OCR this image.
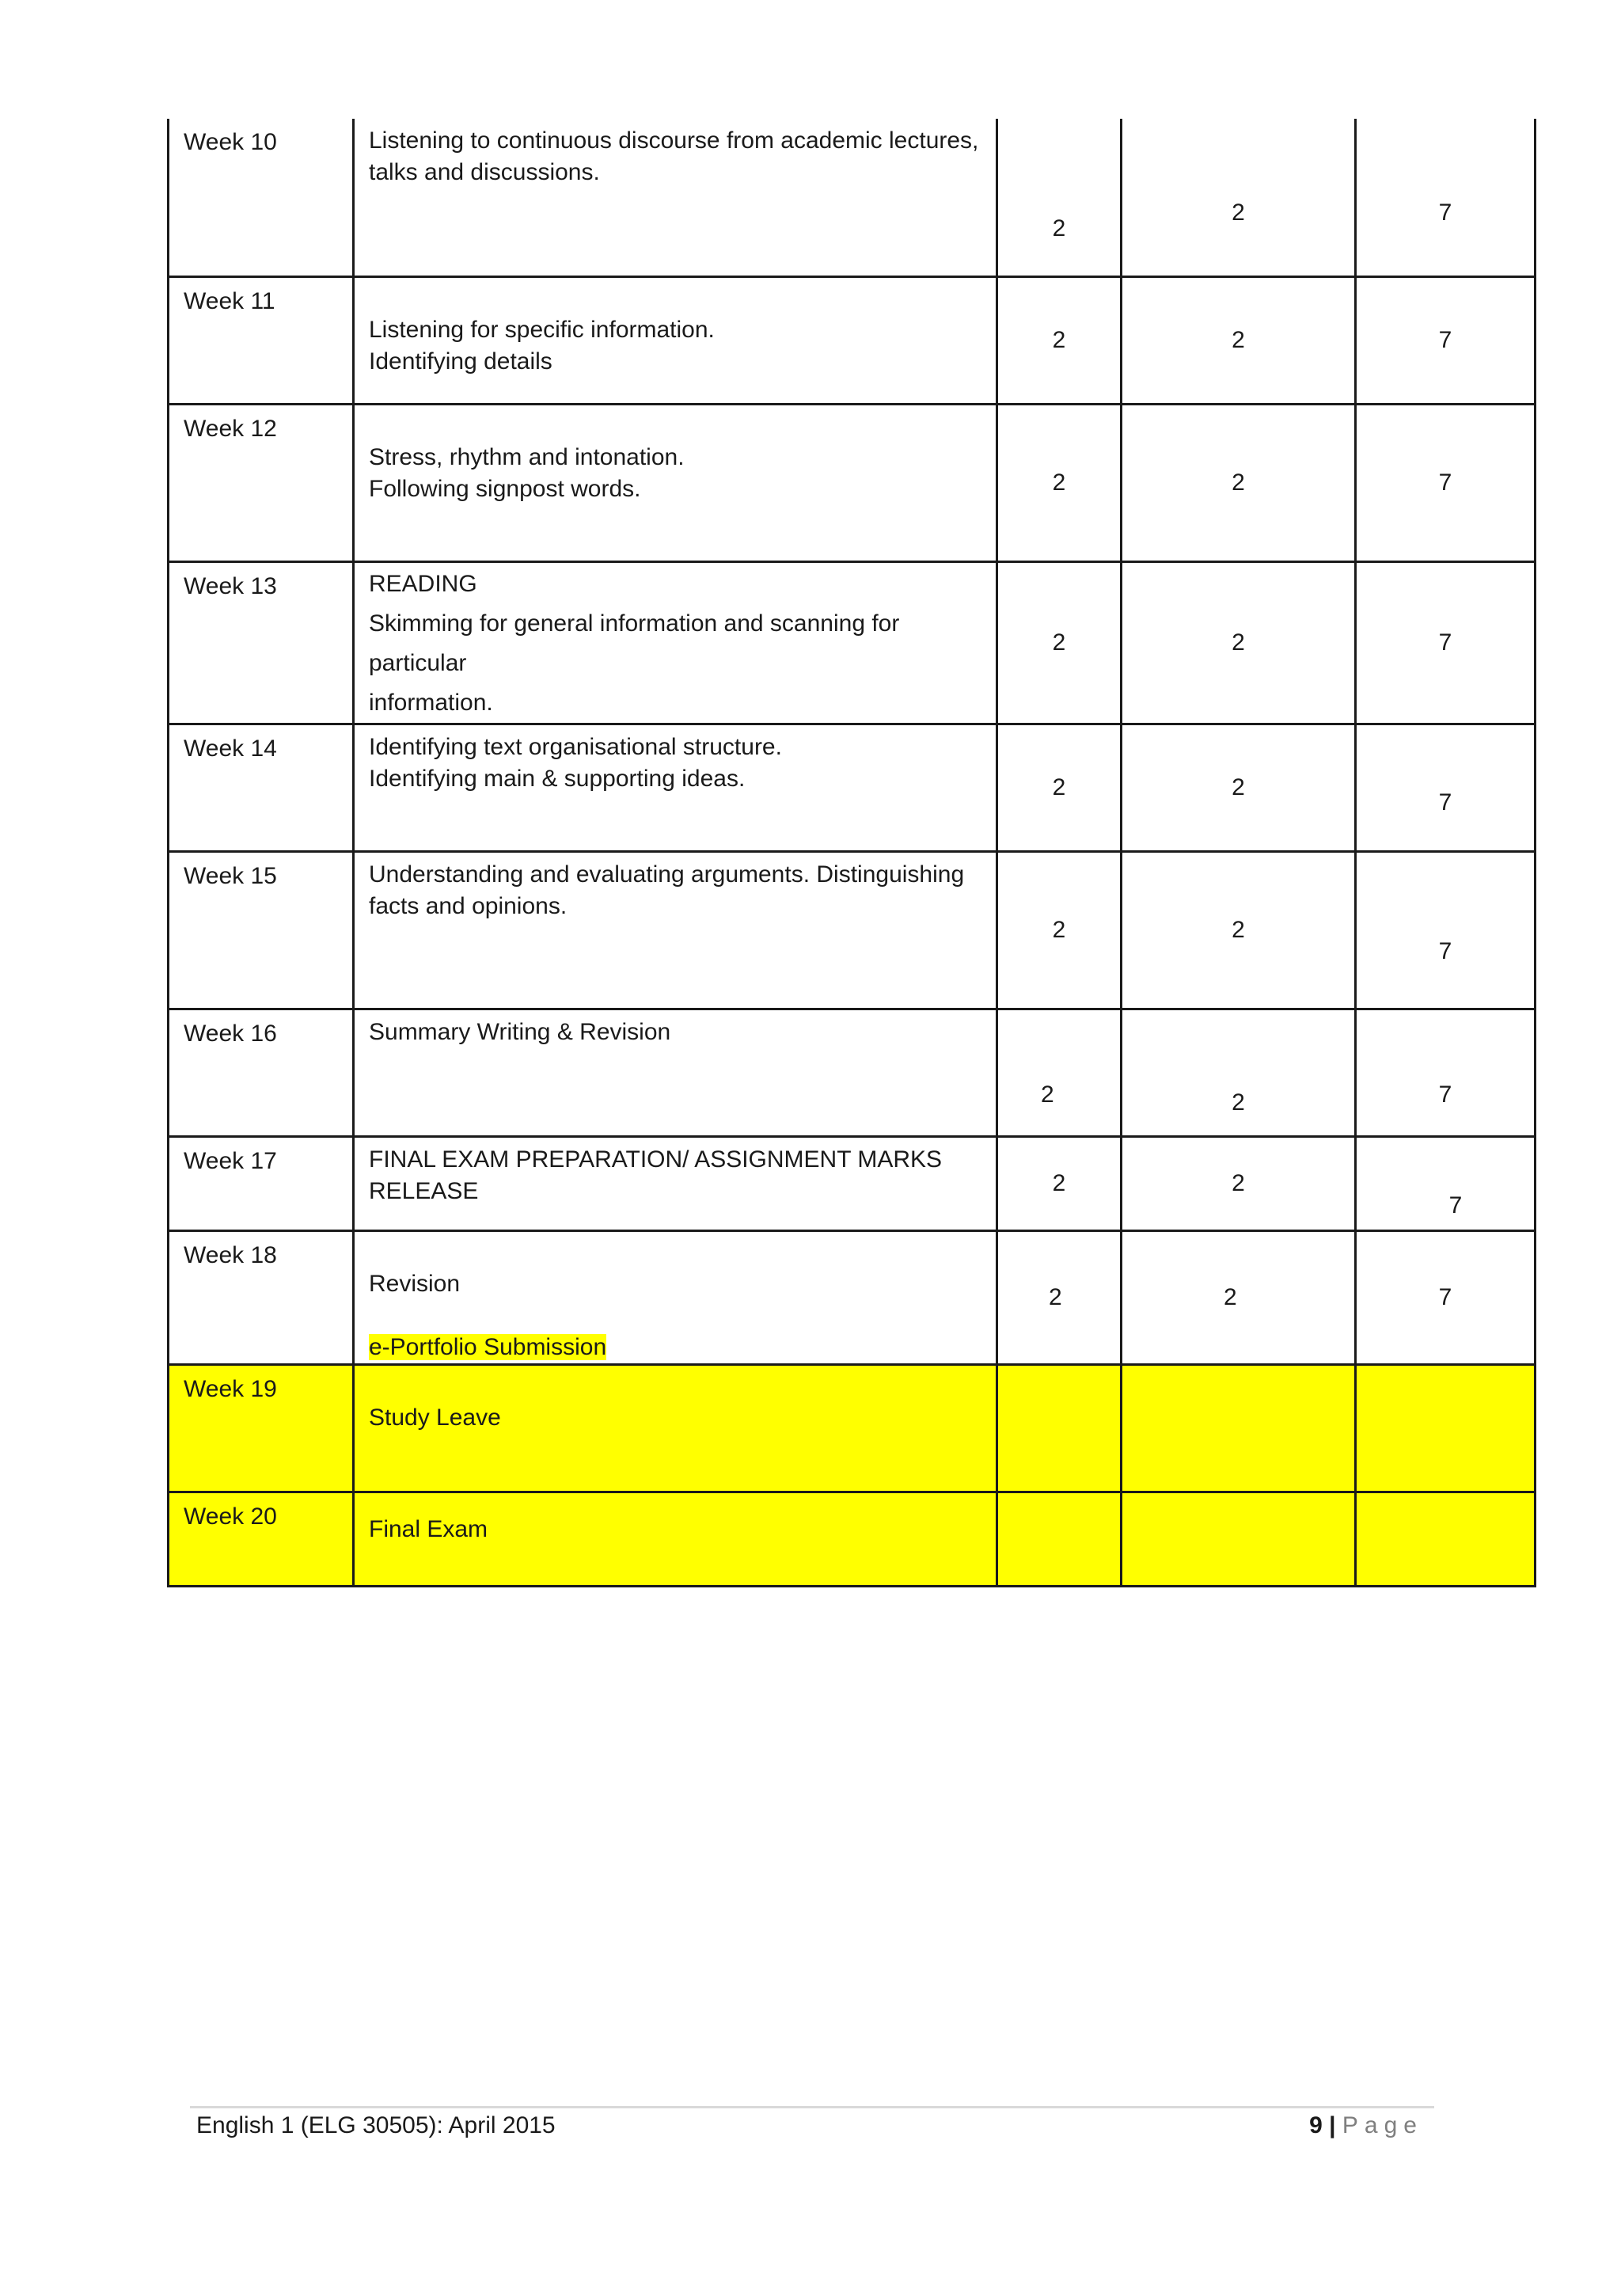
Week 10	Listening to continuous discourse from academic lectures,
talks and discussions.	2	2	7
Week 11	Listening for specific information.
Identifying details	2	2	7
Week 12	Stress, rhythm and intonation.
Following signpost words.	2	2	7
Week 13	READING
Skimming for general information and scanning for particular
information.	2	2	7
Week 14	Identifying text organisational structure.
Identifying main & supporting ideas.	2	2	7
Week 15	Understanding and evaluating arguments. Distinguishing
facts and opinions.	2	2	7
Week 16	Summary Writing & Revision	2	2	7
Week 17	FINAL EXAM PREPARATION/ ASSIGNMENT MARKS
RELEASE	2	2	7
Week 18	Revision
e-Portfolio Submission	2	2	7
Week 19	Study Leave			

Week 20	Final Exam			

English 1 (ELG 30505): April 2015	9 | Page
